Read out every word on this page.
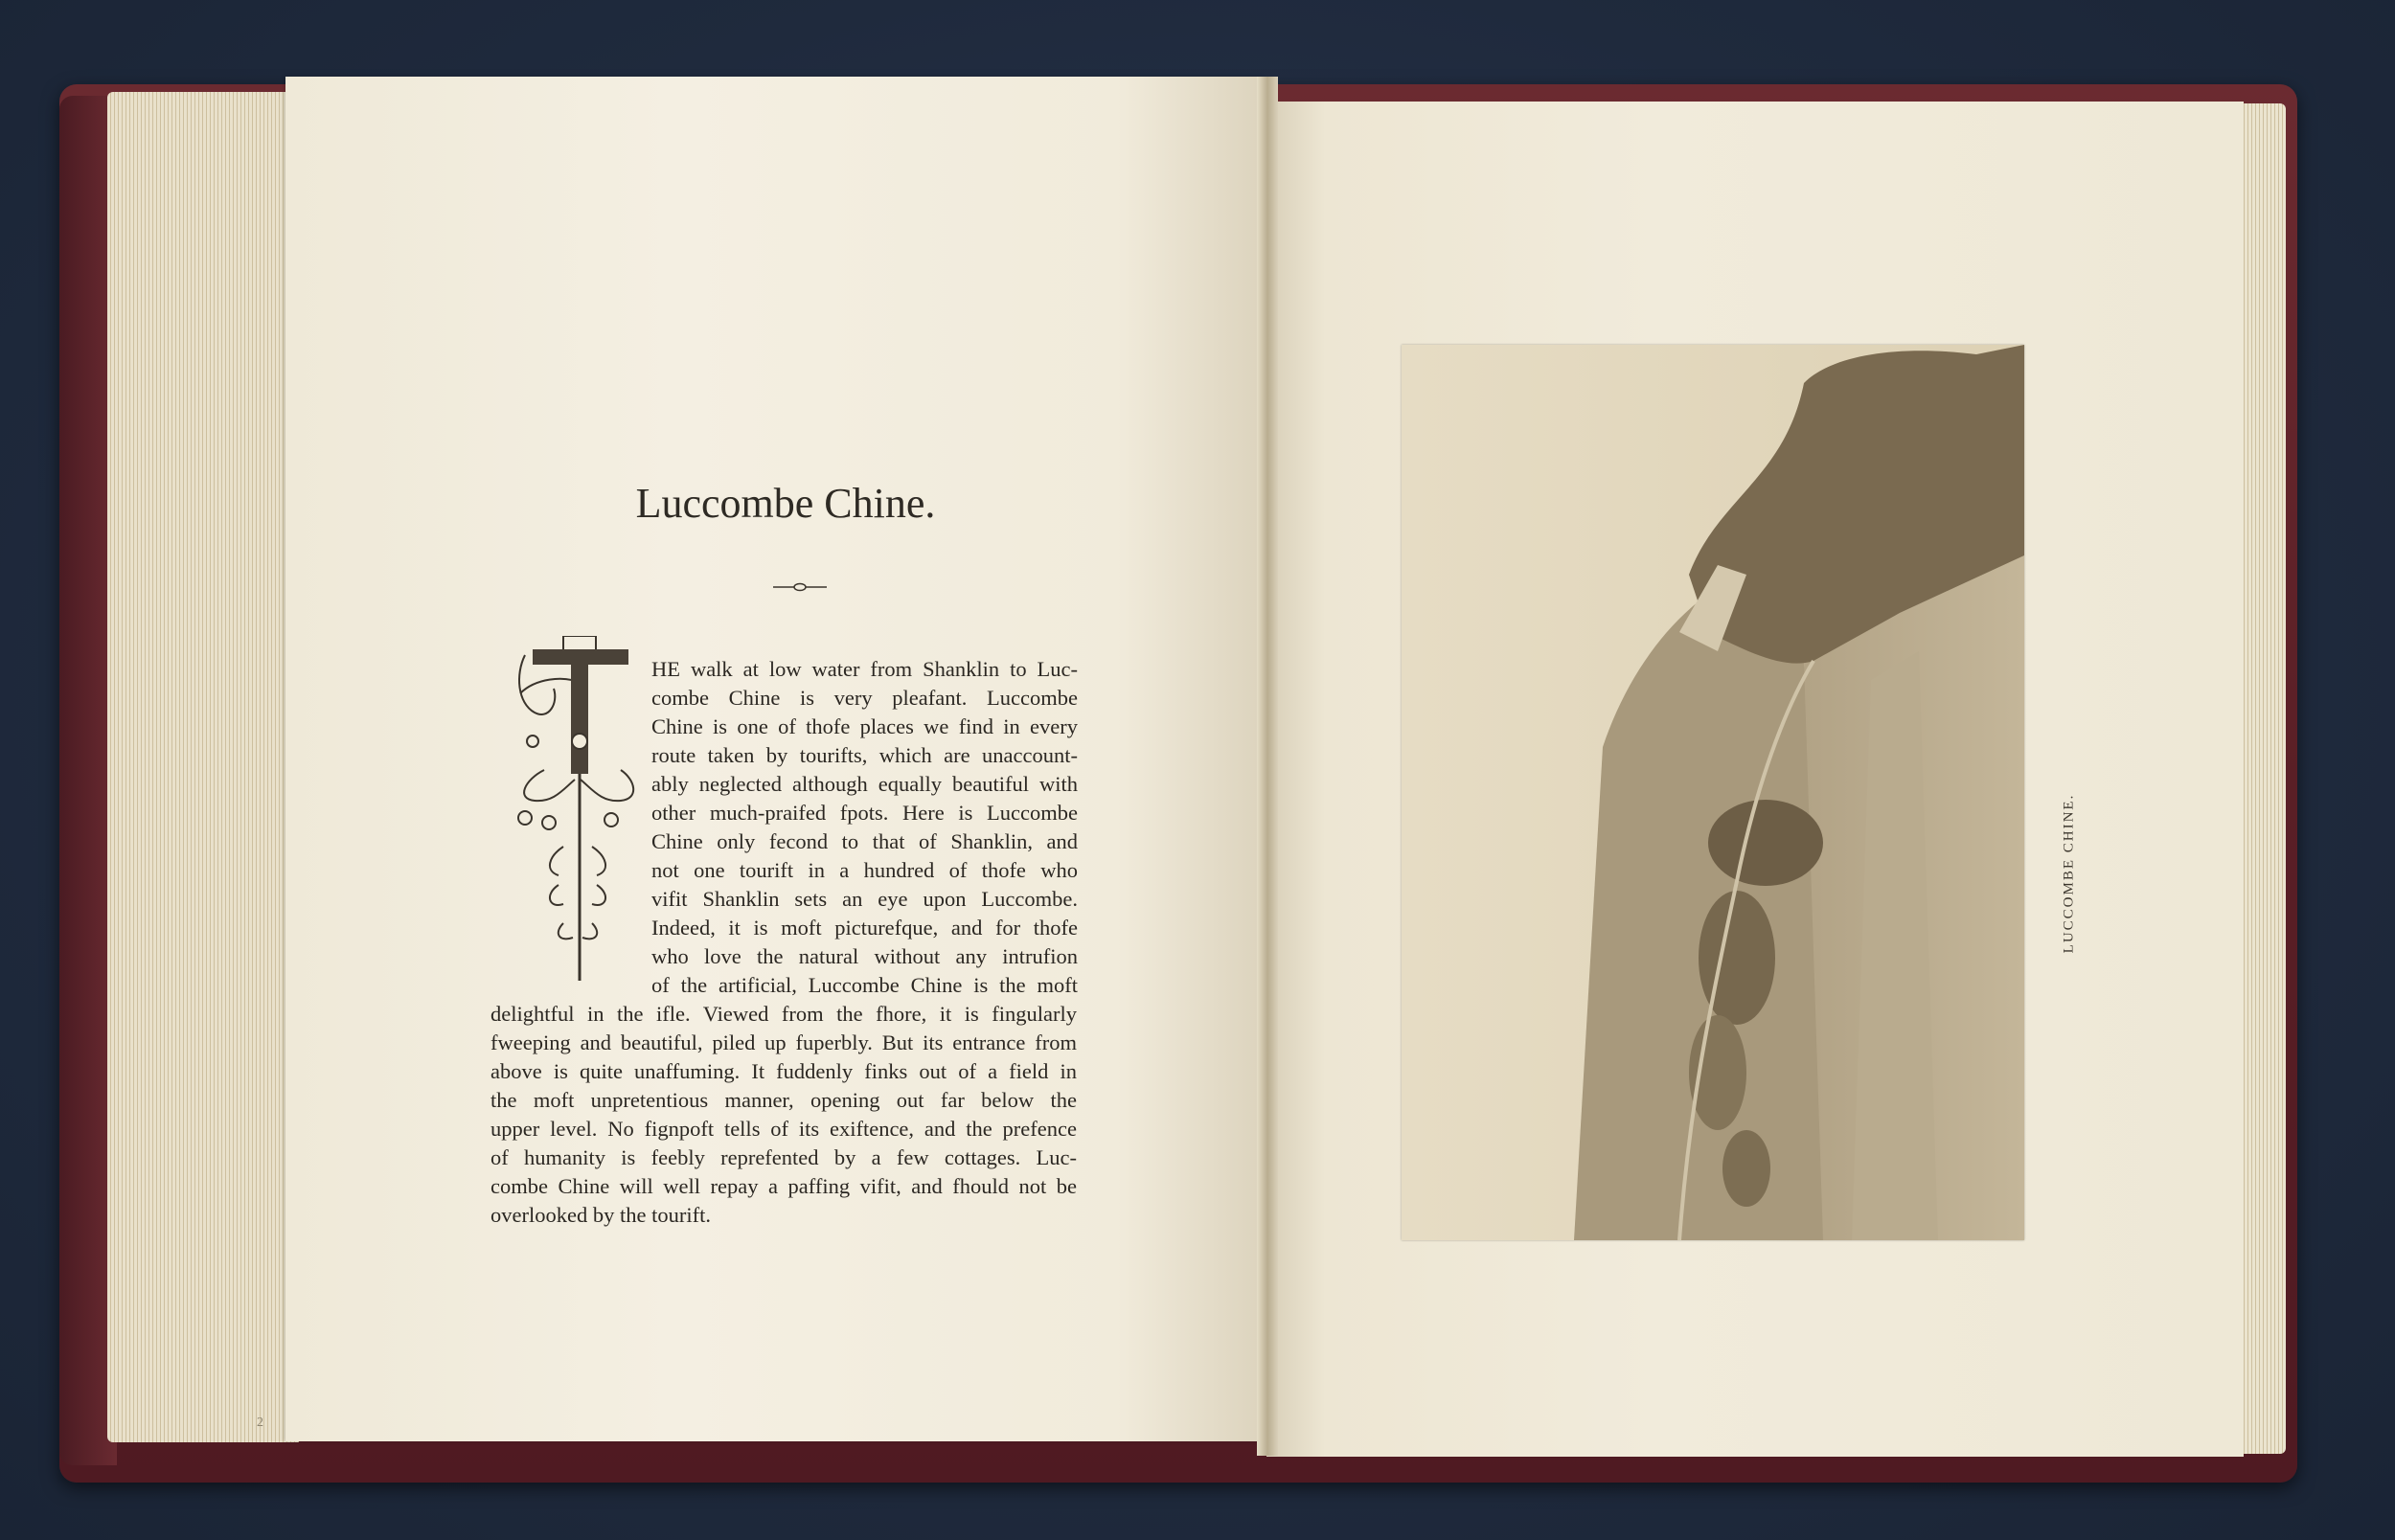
Luccombe Chine.
HE walk at low water from Shanklin to Luc-
combe Chine is very pleafant. Luccombe
Chine is one of thofe places we find in every
route taken by tourifts, which are unaccount-
ably neglected although equally beautiful with
other much-praifed fpots. Here is Luccombe
Chine only fecond to that of Shanklin, and
not one tourift in a hundred of thofe who
vifit Shanklin sets an eye upon Luccombe.
Indeed, it is moft picturefque, and for thofe
who love the natural without any intrufion
of the artificial, Luccombe Chine is the moft
delightful in the ifle. Viewed from the fhore, it is fingularly
fweeping and beautiful, piled up fuperbly. But its entrance from
above is quite unaffuming. It fuddenly finks out of a field in
the moft unpretentious manner, opening out far below the
upper level. No fignpoft tells of its exiftence, and the prefence
of humanity is feebly reprefented by a few cottages. Luc-
combe Chine will well repay a paffing vifit, and fhould not be
overlooked by the tourift.
2
LUCCOMBE CHINE.
